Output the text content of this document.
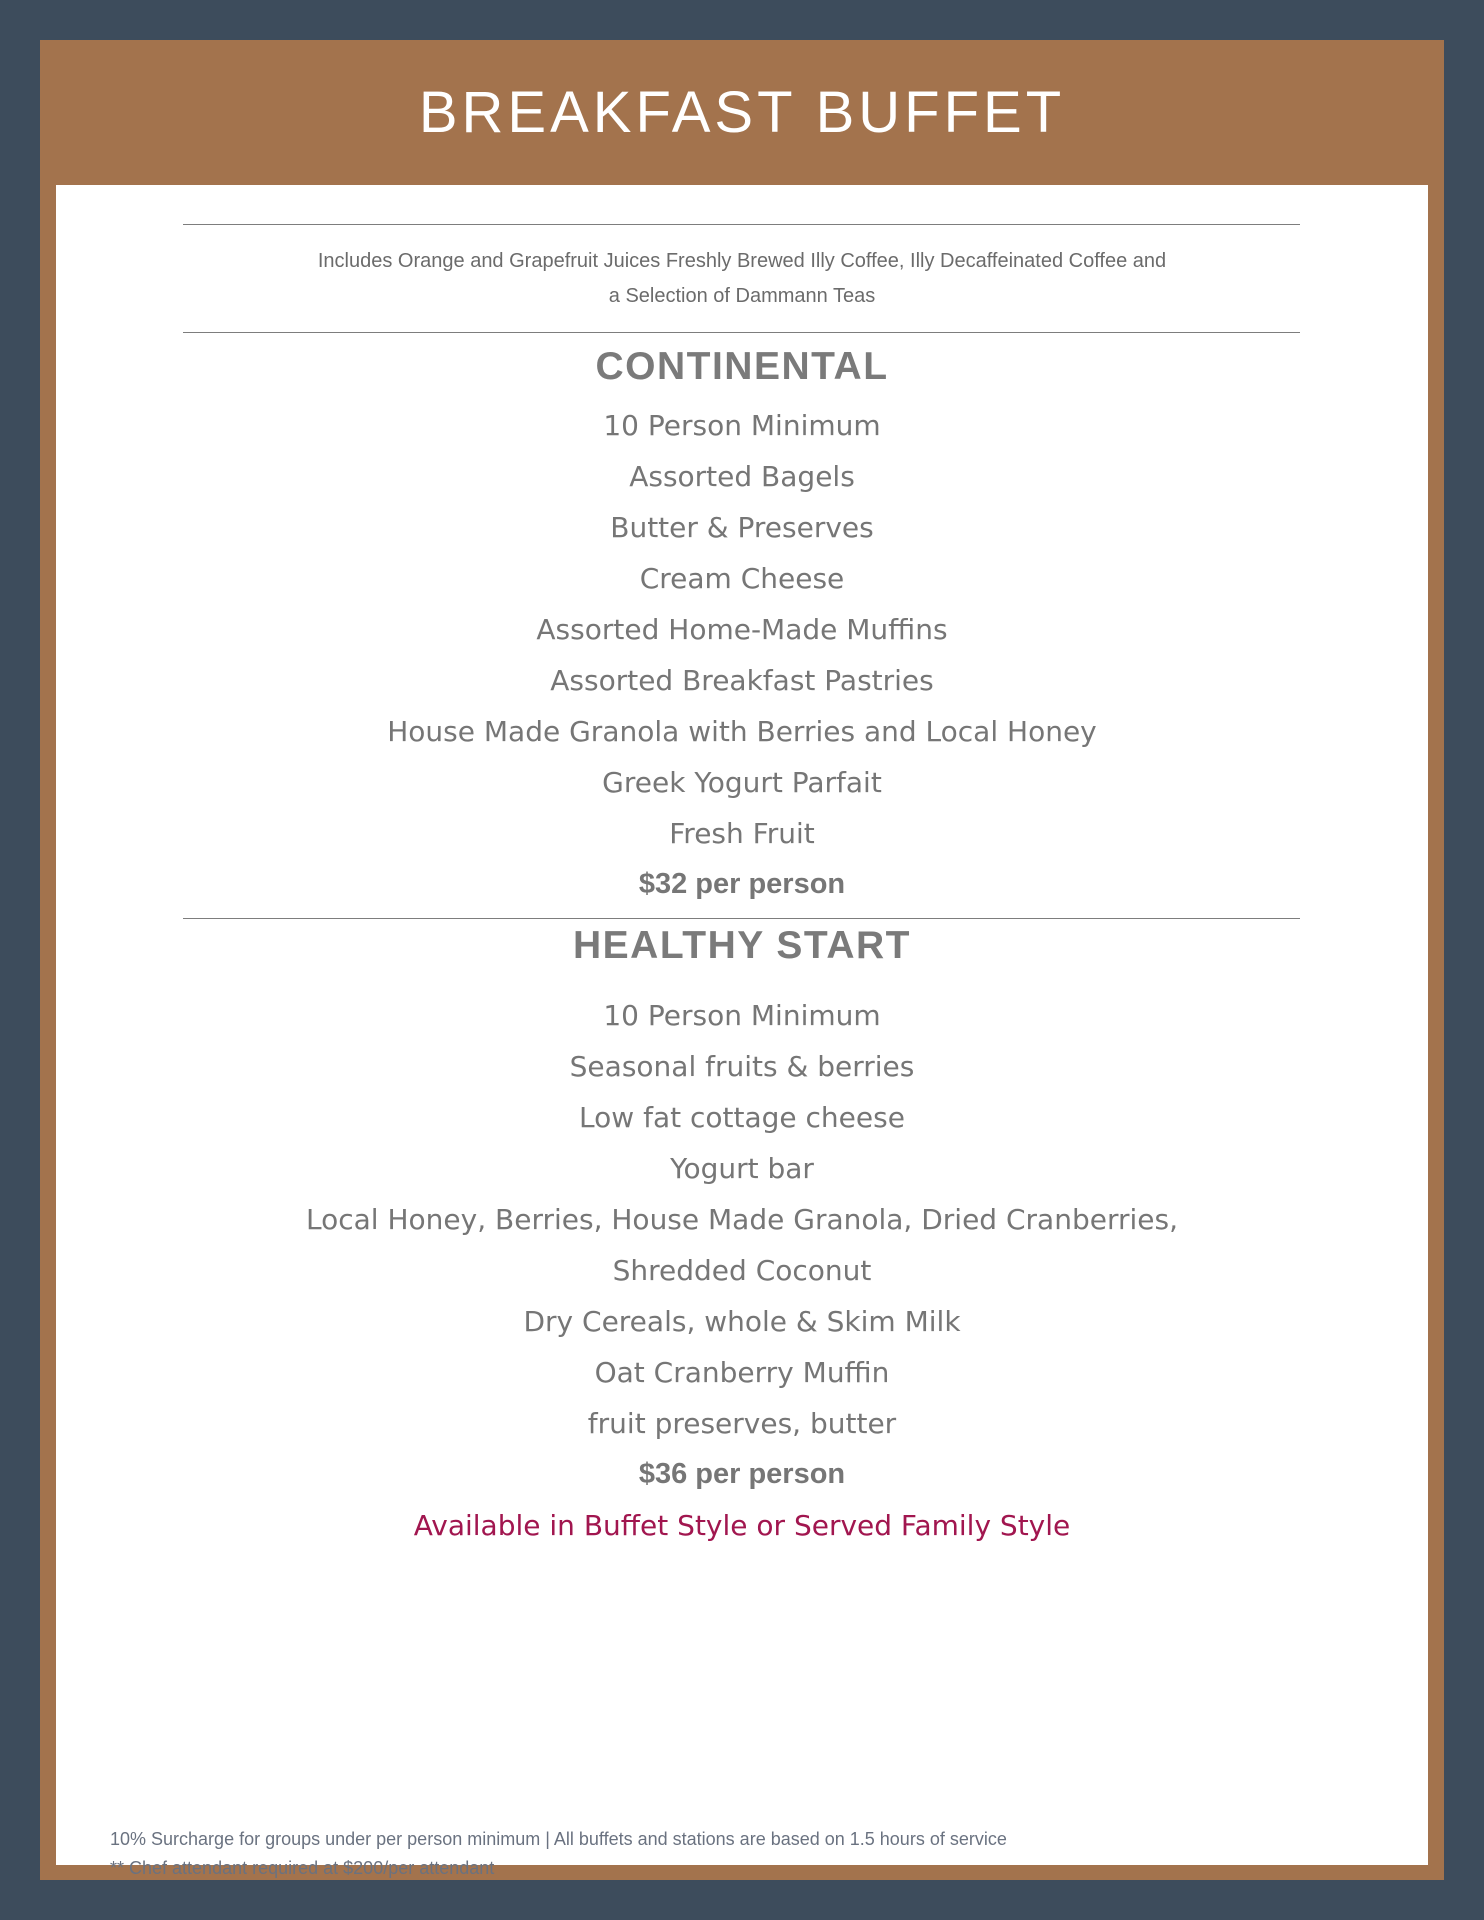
BREAKFAST BUFFET
Includes Orange and Grapefruit Juices Freshly Brewed Illy Coffee, Illy Decaffeinated Coffee and
a Selection of Dammann Teas
CONTINENTAL
10 Person Minimum
Assorted Bagels
Butter & Preserves
Cream Cheese
Assorted Home-Made Muffins
Assorted Breakfast Pastries
House Made Granola with Berries and Local Honey
Greek Yogurt Parfait
Fresh Fruit
$32 per person
HEALTHY START
10 Person Minimum
Seasonal fruits & berries
Low fat cottage cheese
Yogurt bar
Local Honey, Berries, House Made Granola, Dried Cranberries,
Shredded Coconut
Dry Cereals, whole & Skim Milk
Oat Cranberry Muffin
fruit preserves, butter
$36 per person
Available in Buffet Style or Served Family Style
10% Surcharge for groups under per person minimum | All buffets and stations are based on 1.5 hours of service
** Chef attendant required at $200/per attendant
